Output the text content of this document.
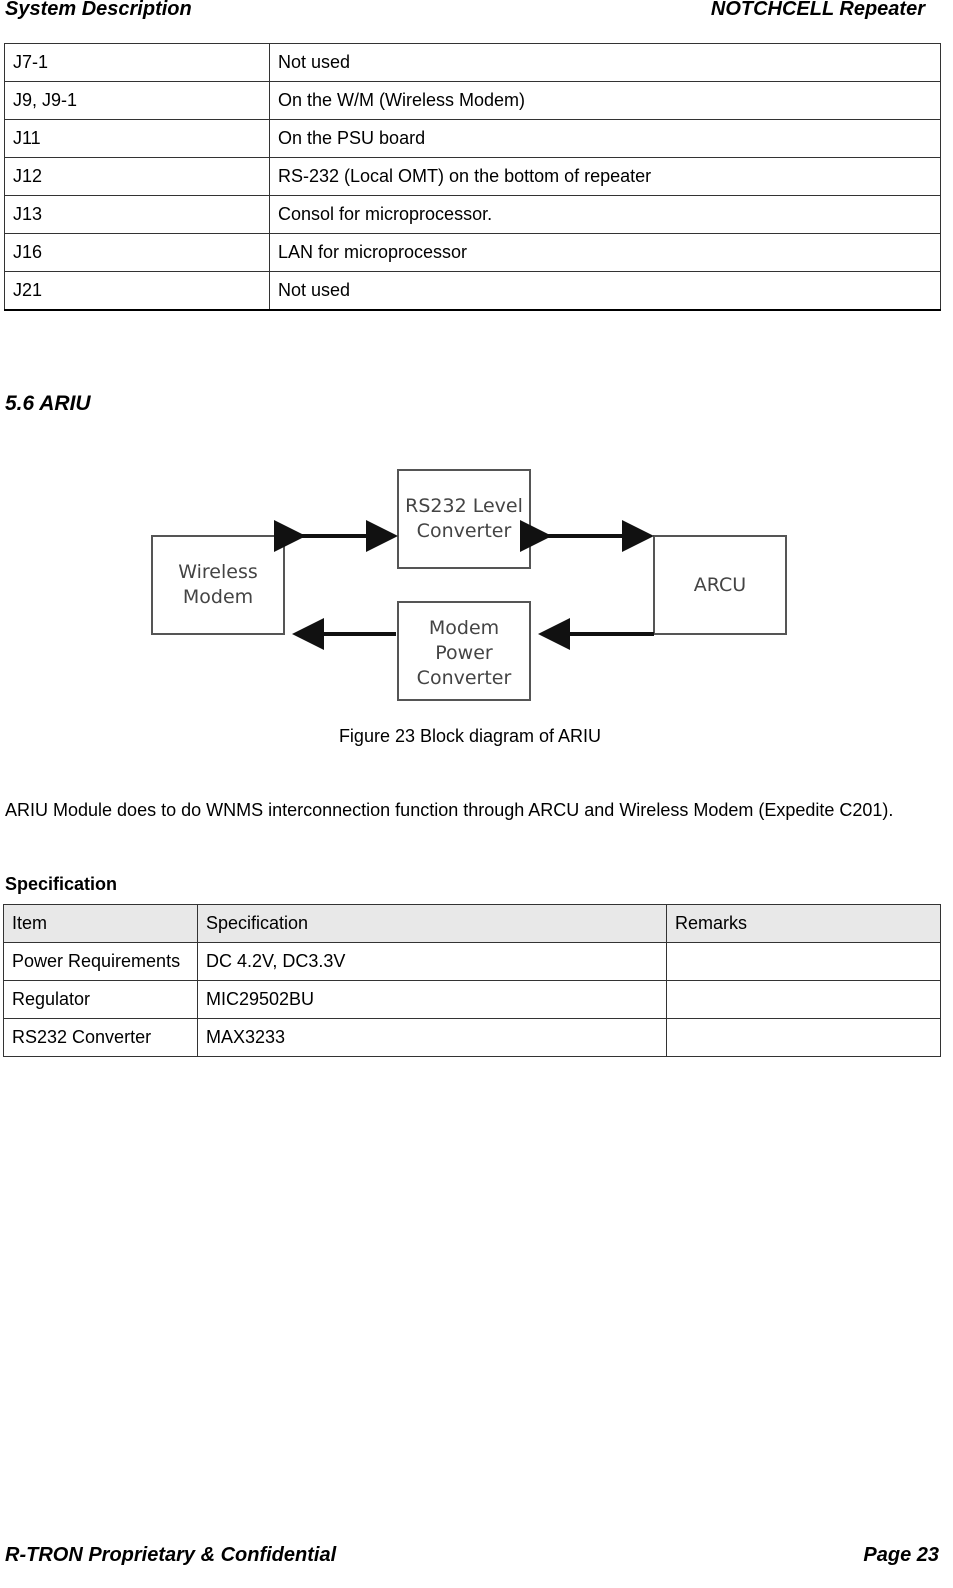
System Description	NOTCHCELL Repeater
J7-1	Not used
J9, J9-1	On the W/M (Wireless Modem)
J11	On the PSU board
J12	RS-232 (Local OMT) on the bottom of repeater
J13	Consol for microprocessor.
J16	LAN for microprocessor
J21	Not used
5.6 ARIU
Wireless
Modem
RS232 Level
Converter
Modem
Power
Converter
ARCU
Figure 23 Block diagram of ARIU
ARIU Module does to do WNMS interconnection function through ARCU and Wireless Modem (Expedite C201).
Specification
Item	Specification	Remarks
Power Requirements	DC 4.2V, DC3.3V	
Regulator	MIC29502BU	
RS232 Converter	MAX3233	
R-TRON Proprietary & Confidential	Page 23
